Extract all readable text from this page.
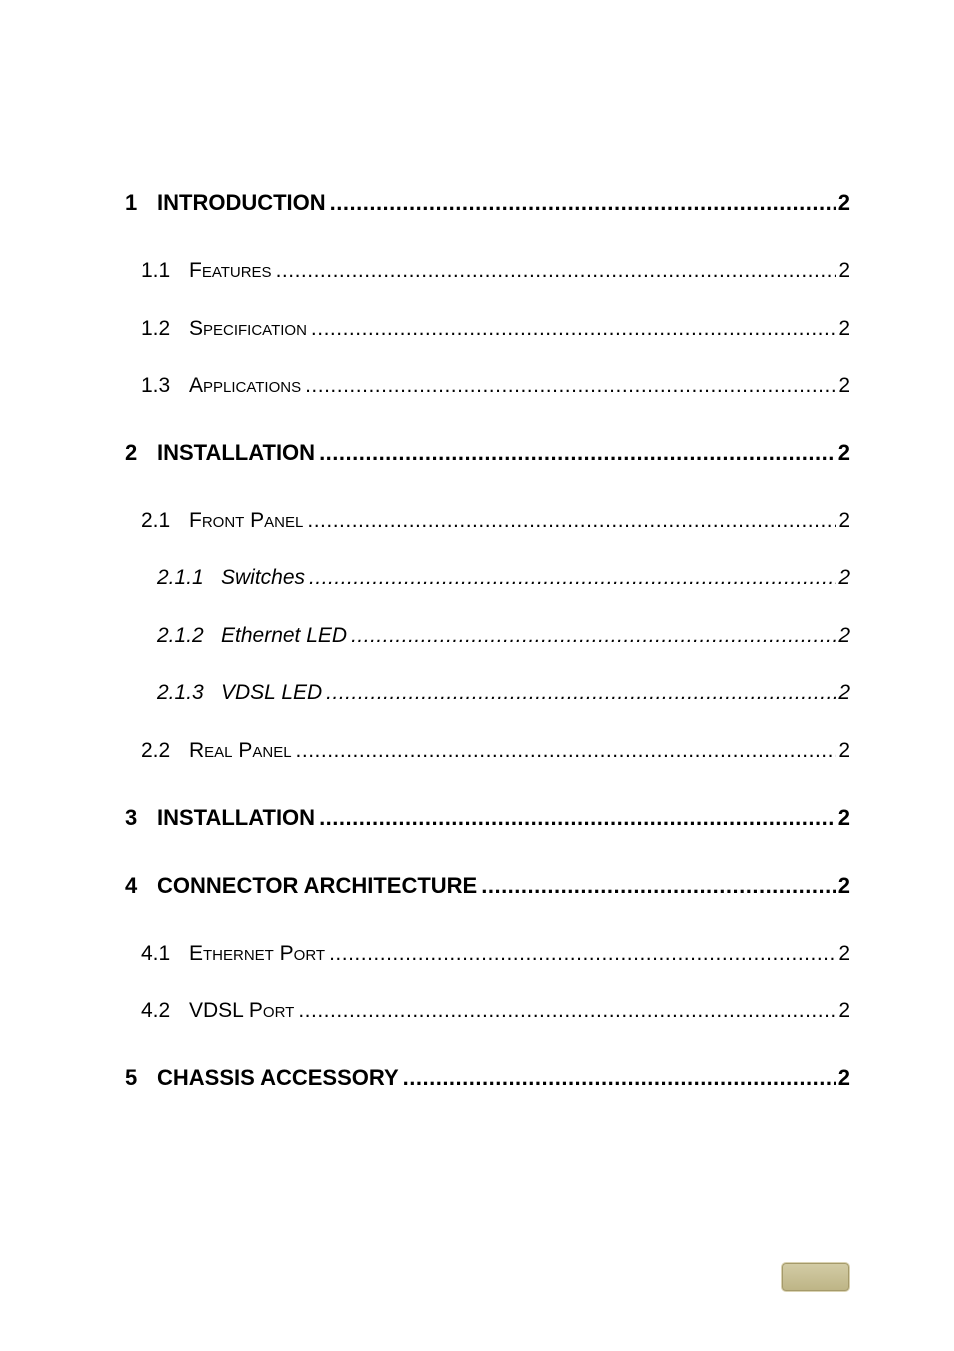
1 INTRODUCTION .....	2
1.1 Features .....	2
1.2 Specification .....	2
1.3 Applications .....	2
2 INSTALLATION .....	2
2.1 Front Panel .....	2
2.1.1 Switches .....	2
2.1.2 Ethernet LED .....	2
2.1.3 VDSL LED .....	2
2.2 Real Panel .....	2
3 INSTALLATION .....	2
4 CONNECTOR ARCHITECTURE .....	2
4.1 Ethernet Port .....	2
4.2 VDSL Port .....	2
5 CHASSIS ACCESSORY .....	2
